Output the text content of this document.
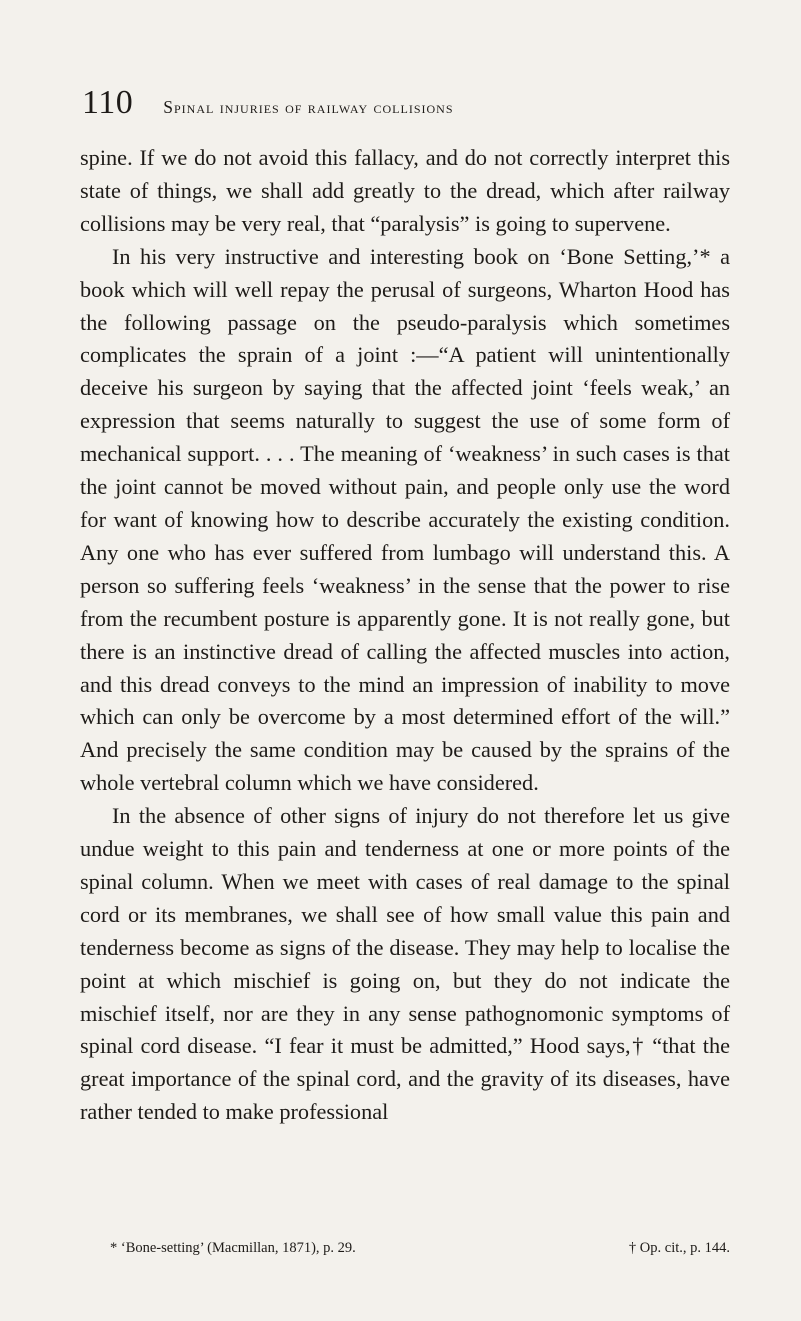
110 spinal injuries of railway collisions

spine. If we do not avoid this fallacy, and do not correctly interpret this state of things, we shall add greatly to the dread, which after railway collisions may be very real, that “paralysis” is going to supervene.

In his very instructive and interesting book on ‘Bone Setting,’* a book which will well repay the perusal of surgeons, Wharton Hood has the following passage on the pseudo-paralysis which sometimes complicates the sprain of a joint :—“A patient will unintentionally deceive his surgeon by saying that the affected joint ‘feels weak,’ an expression that seems naturally to suggest the use of some form of mechanical support. . . . The meaning of ‘weakness’ in such cases is that the joint cannot be moved without pain, and people only use the word for want of knowing how to describe accurately the existing condition. Any one who has ever suffered from lumbago will understand this. A person so suffering feels ‘weakness’ in the sense that the power to rise from the recumbent posture is apparently gone. It is not really gone, but there is an instinctive dread of calling the affected muscles into action, and this dread conveys to the mind an impression of inability to move which can only be overcome by a most determined effort of the will.” And precisely the same condition may be caused by the sprains of the whole vertebral column which we have considered.

In the absence of other signs of injury do not therefore let us give undue weight to this pain and tenderness at one or more points of the spinal column. When we meet with cases of real damage to the spinal cord or its membranes, we shall see of how small value this pain and tenderness become as signs of the disease. They may help to localise the point at which mischief is going on, but they do not indicate the mischief itself, nor are they in any sense pathognomonic symptoms of spinal cord disease. “I fear it must be admitted,” Hood says,† “that the great importance of the spinal cord, and the gravity of its diseases, have rather tended to make professional

* ‘Bone-setting’ (Macmillan, 1871), p. 29.	† Op. cit., p. 144.
